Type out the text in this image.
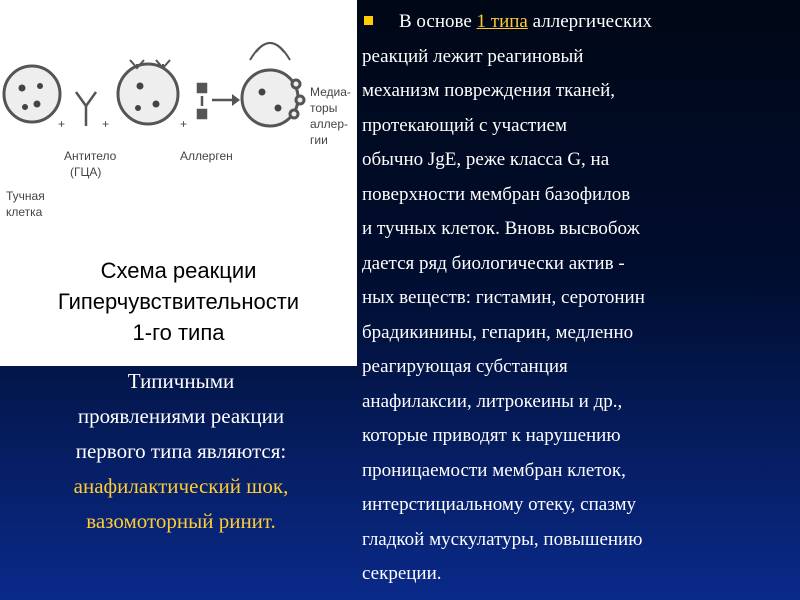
+	+	+
Тучная
клетка
Антитело
(ГЦА)
Аллерген
Медиа-
торы
аллер-
гии
Схема реакции
Гиперчувствительности
1-го типа
Типичными
проявлениями реакции
первого типа являются:
анафилактический шок,
вазомоторный ринит.
В основе 1 типа аллергических
реакций лежит реагиновый
механизм повреждения тканей,
протекающий с участием
обычно JgE, реже класса G, на
поверхности мембран базофилов
и тучных клеток. Вновь высвобож
дается ряд биологически актив -
ных веществ: гистамин, серотонин
брадикинины, гепарин, медленно
реагирующая субстанция
анафилаксии, литрокеины и др.,
которые приводят к нарушению
проницаемости мембран клеток,
интерстициальному отеку, спазму
гладкой мускулатуры, повышению
секреции.
